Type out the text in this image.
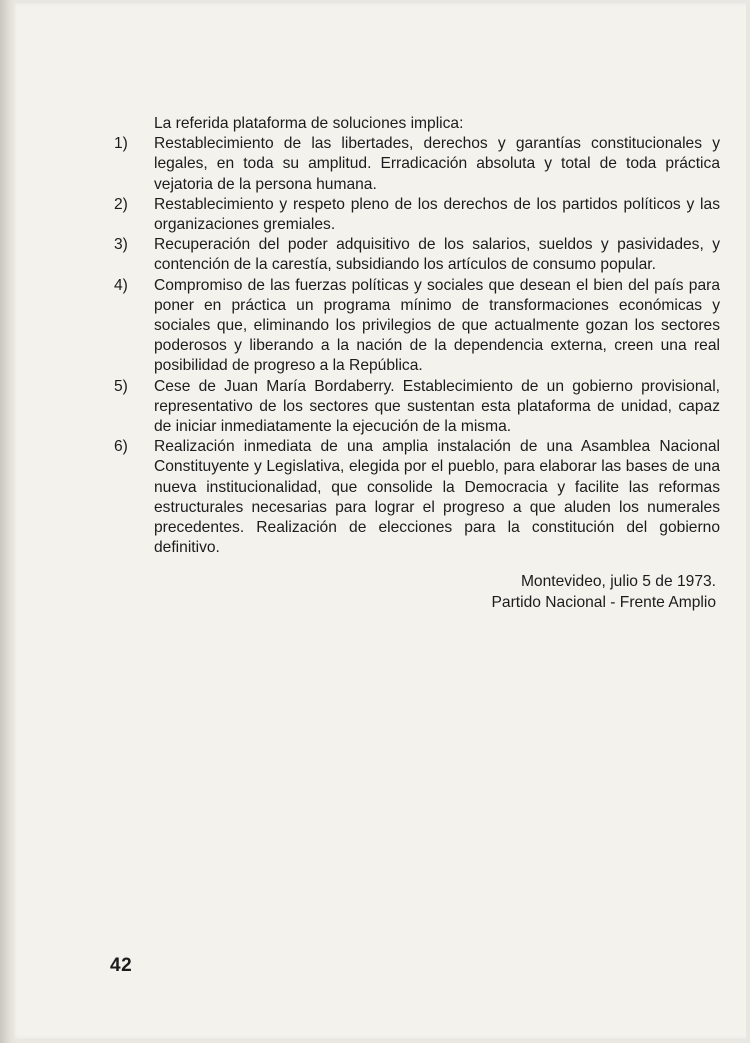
La referida plataforma de soluciones implica:

1)	Restablecimiento de las libertades, derechos y garantías constitucionales y legales, en toda su amplitud. Erradicación absoluta y total de toda práctica vejatoria de la persona humana.

2)	Restablecimiento y respeto pleno de los derechos de los partidos políticos y las organizaciones gremiales.

3)	Recuperación del poder adquisitivo de los salarios, sueldos y pasividades, y contención de la carestía, subsidiando los artículos de consumo popular.

4)	Compromiso de las fuerzas políticas y sociales que desean el bien del país para poner en práctica un programa mínimo de transformaciones económicas y sociales que, eliminando los privilegios de que actualmente gozan los sectores poderosos y liberando a la nación de la dependencia externa, creen una real posibilidad de progreso a la República.

5)	Cese de Juan María Bordaberry. Establecimiento de un gobierno provisional, representativo de los sectores que sustentan esta plataforma de unidad, capaz de iniciar inmediatamente la ejecución de la misma.

6)	Realización inmediata de una amplia instalación de una Asamblea Nacional Constituyente y Legislativa, elegida por el pueblo, para elaborar las bases de una nueva institucionalidad, que consolide la Democracia y facilite las reformas estructurales necesarias para lograr el progreso a que aluden los numerales precedentes. Realización de elecciones para la constitución del gobierno definitivo.

Montevideo, julio 5 de 1973.
Partido Nacional - Frente Amplio
42
